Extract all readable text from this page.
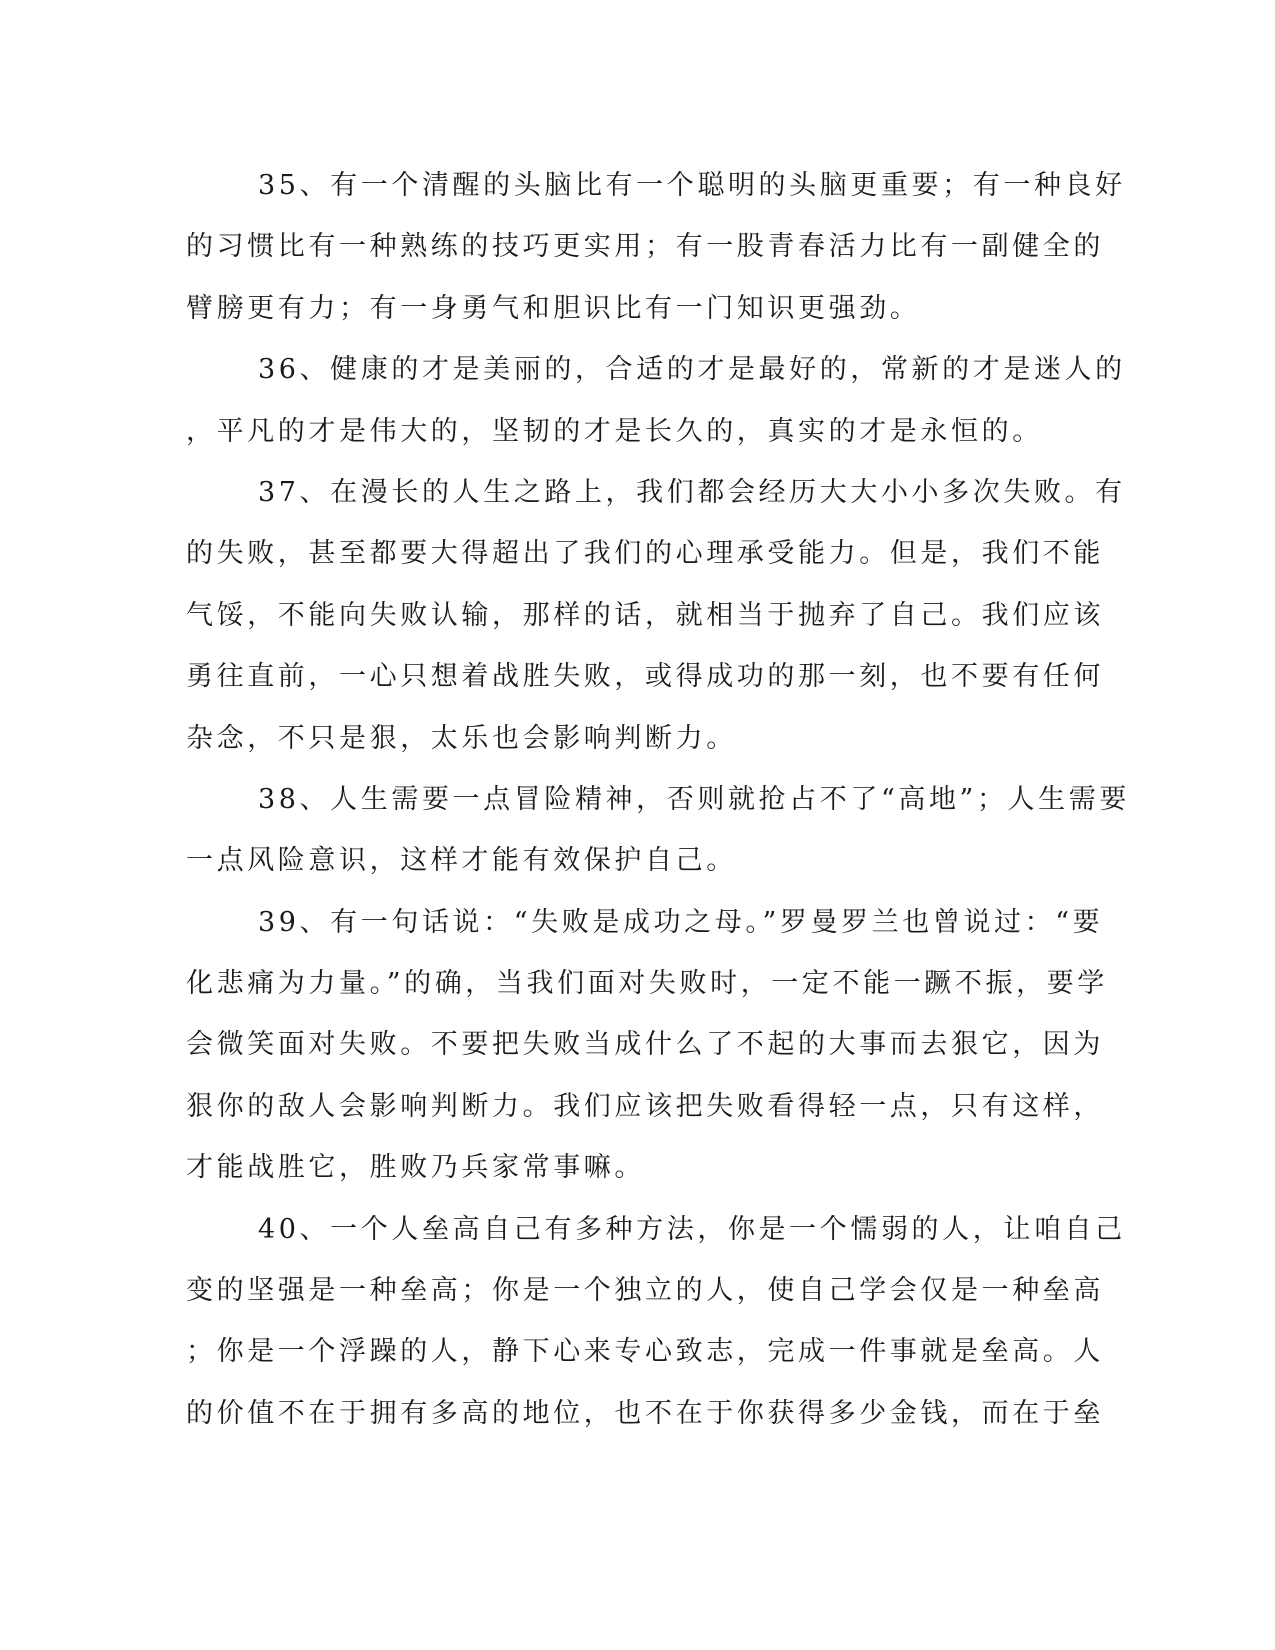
35、有一个清醒的头脑比有一个聪明的头脑更重要；有一种良好
的习惯比有一种熟练的技巧更实用；有一股青春活力比有一副健全的
臂膀更有力；有一身勇气和胆识比有一门知识更强劲。
36、健康的才是美丽的，合适的才是最好的，常新的才是迷人的
，平凡的才是伟大的，坚韧的才是长久的，真实的才是永恒的。
37、在漫长的人生之路上，我们都会经历大大小小多次失败。有
的失败，甚至都要大得超出了我们的心理承受能力。但是，我们不能
气馁，不能向失败认输，那样的话，就相当于抛弃了自己。我们应该
勇往直前，一心只想着战胜失败，或得成功的那一刻，也不要有任何
杂念，不只是狠，太乐也会影响判断力。
38、人生需要一点冒险精神，否则就抢占不了“高地”；人生需要
一点风险意识，这样才能有效保护自己。
39、有一句话说：“失败是成功之母。”罗曼罗兰也曾说过：“要
化悲痛为力量。”的确，当我们面对失败时，一定不能一蹶不振，要学
会微笑面对失败。不要把失败当成什么了不起的大事而去狠它，因为
狠你的敌人会影响判断力。我们应该把失败看得轻一点，只有这样，
才能战胜它，胜败乃兵家常事嘛。
40、一个人垒高自己有多种方法，你是一个懦弱的人，让咱自己
变的坚强是一种垒高；你是一个独立的人，使自己学会仅是一种垒高
；你是一个浮躁的人，静下心来专心致志，完成一件事就是垒高。人
的价值不在于拥有多高的地位，也不在于你获得多少金钱，而在于垒
